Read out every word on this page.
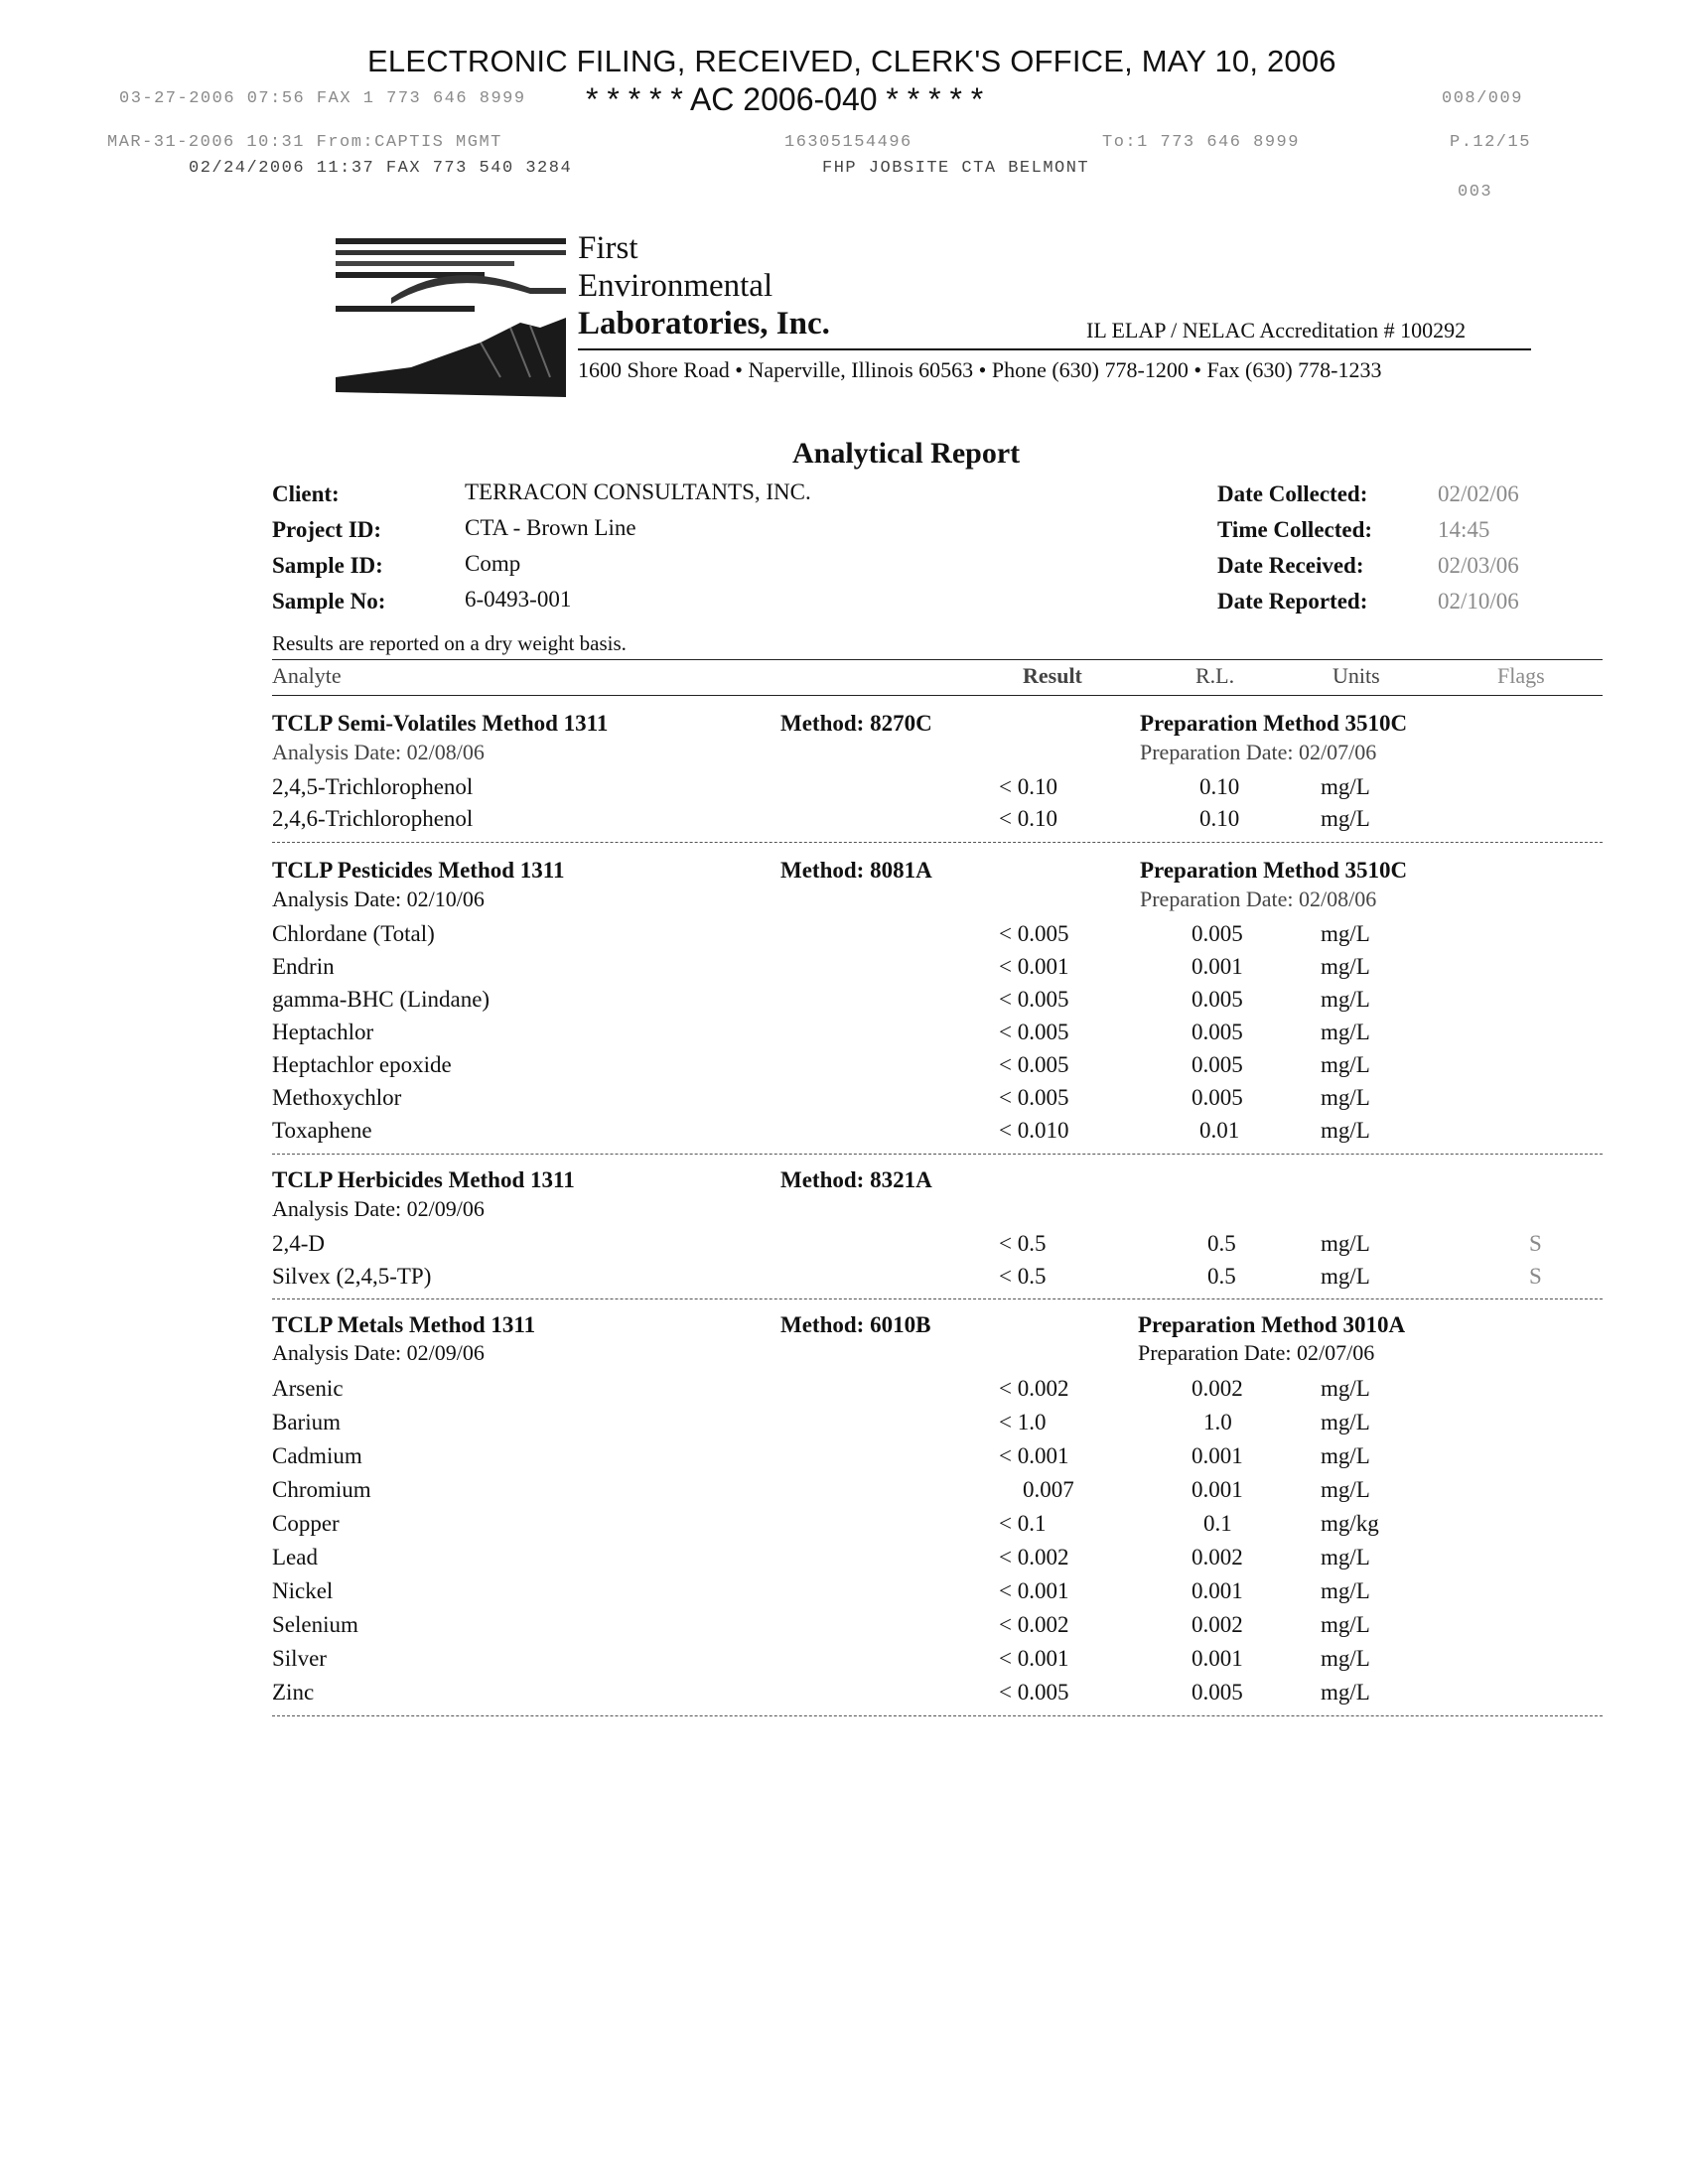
ELECTRONIC FILING, RECEIVED, CLERK'S OFFICE, MAY 10, 2006
* * * * * AC 2006-040 * * * * *
03-27-2006 07:56 FAX 1 773 646 8999	008/009
MAR-31-2006 10:31 From:CAPTIS MGMT	16305154496	To:1 773 646 8999	P.12/15
02/24/2006 11:37 FAX 773 540 3284	FHP JOBSITE CTA BELMONT
003
First
Environmental
Laboratories, Inc.	IL ELAP / NELAC Accreditation # 100292
1600 Shore Road • Naperville, Illinois 60563 • Phone (630) 778-1200 • Fax (630) 778-1233
Analytical Report
Client:	TERRACON CONSULTANTS, INC.
Project ID:	CTA - Brown Line
Sample ID:	Comp
Sample No:	6-0493-001
Date Collected:	02/02/06
Time Collected:	14:45
Date Received:	02/03/06
Date Reported:	02/10/06
Results are reported on a dry weight basis.
Analyte	Result	R.L.	Units	Flags
TCLP Semi-Volatiles Method 1311	Method: 8270C	Preparation Method 3510C
Analysis Date: 02/08/06	Preparation Date: 02/07/06
2,4,5-Trichlorophenol	< 0.10	0.10	mg/L
2,4,6-Trichlorophenol	< 0.10	0.10	mg/L
TCLP Pesticides Method 1311	Method: 8081A	Preparation Method 3510C
Analysis Date: 02/10/06	Preparation Date: 02/08/06
Chlordane (Total)	< 0.005	0.005	mg/L
Endrin	< 0.001	0.001	mg/L
gamma-BHC (Lindane)	< 0.005	0.005	mg/L
Heptachlor	< 0.005	0.005	mg/L
Heptachlor epoxide	< 0.005	0.005	mg/L
Methoxychlor	< 0.005	0.005	mg/L
Toxaphene	< 0.010	0.01	mg/L
TCLP Herbicides Method 1311	Method: 8321A
Analysis Date: 02/09/06
2,4-D	< 0.5	0.5	mg/L	S
Silvex (2,4,5-TP)	< 0.5	0.5	mg/L	S
TCLP Metals Method 1311	Method: 6010B	Preparation Method 3010A
Analysis Date: 02/09/06	Preparation Date: 02/07/06
Arsenic	< 0.002	0.002	mg/L
Barium	< 1.0	1.0	mg/L
Cadmium	< 0.001	0.001	mg/L
Chromium	0.007	0.001	mg/L
Copper	< 0.1	0.1	mg/kg
Lead	< 0.002	0.002	mg/L
Nickel	< 0.001	0.001	mg/L
Selenium	< 0.002	0.002	mg/L
Silver	< 0.001	0.001	mg/L
Zinc	< 0.005	0.005	mg/L
